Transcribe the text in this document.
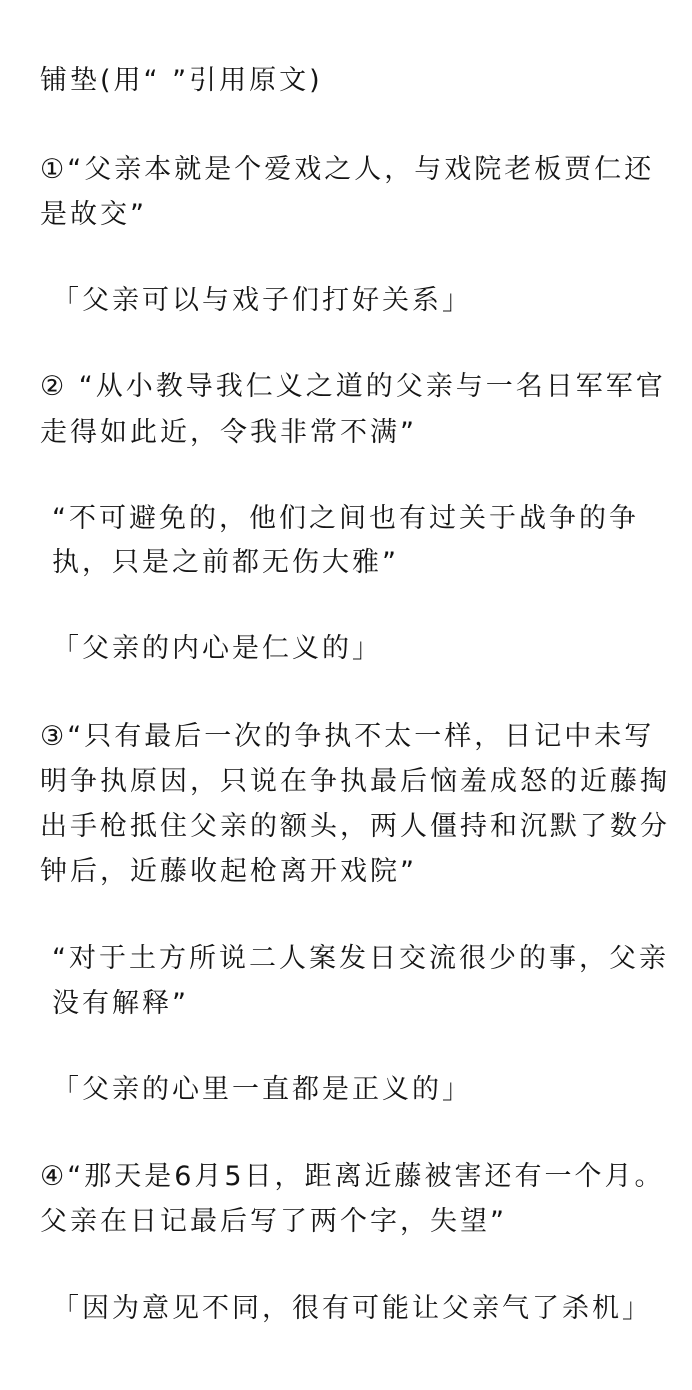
铺垫(用“ ”引用原文)
①“父亲本就是个爱戏之人，与戏院老板贾仁还
是故交”
「父亲可以与戏子们打好关系」
② “从小教导我仁义之道的父亲与一名日军军官
走得如此近，令我非常不满”
“不可避免的，他们之间也有过关于战争的争
执，只是之前都无伤大雅”
「父亲的内心是仁义的」
③“只有最后一次的争执不太一样，日记中未写
明争执原因，只说在争执最后恼羞成怒的近藤掏
出手枪抵住父亲的额头，两人僵持和沉默了数分
钟后，近藤收起枪离开戏院”
“对于土方所说二人案发日交流很少的事，父亲
没有解释”
「父亲的心里一直都是正义的」
④“那天是6月5日，距离近藤被害还有一个月。
父亲在日记最后写了两个字，失望”
「因为意见不同，很有可能让父亲气了杀机」
